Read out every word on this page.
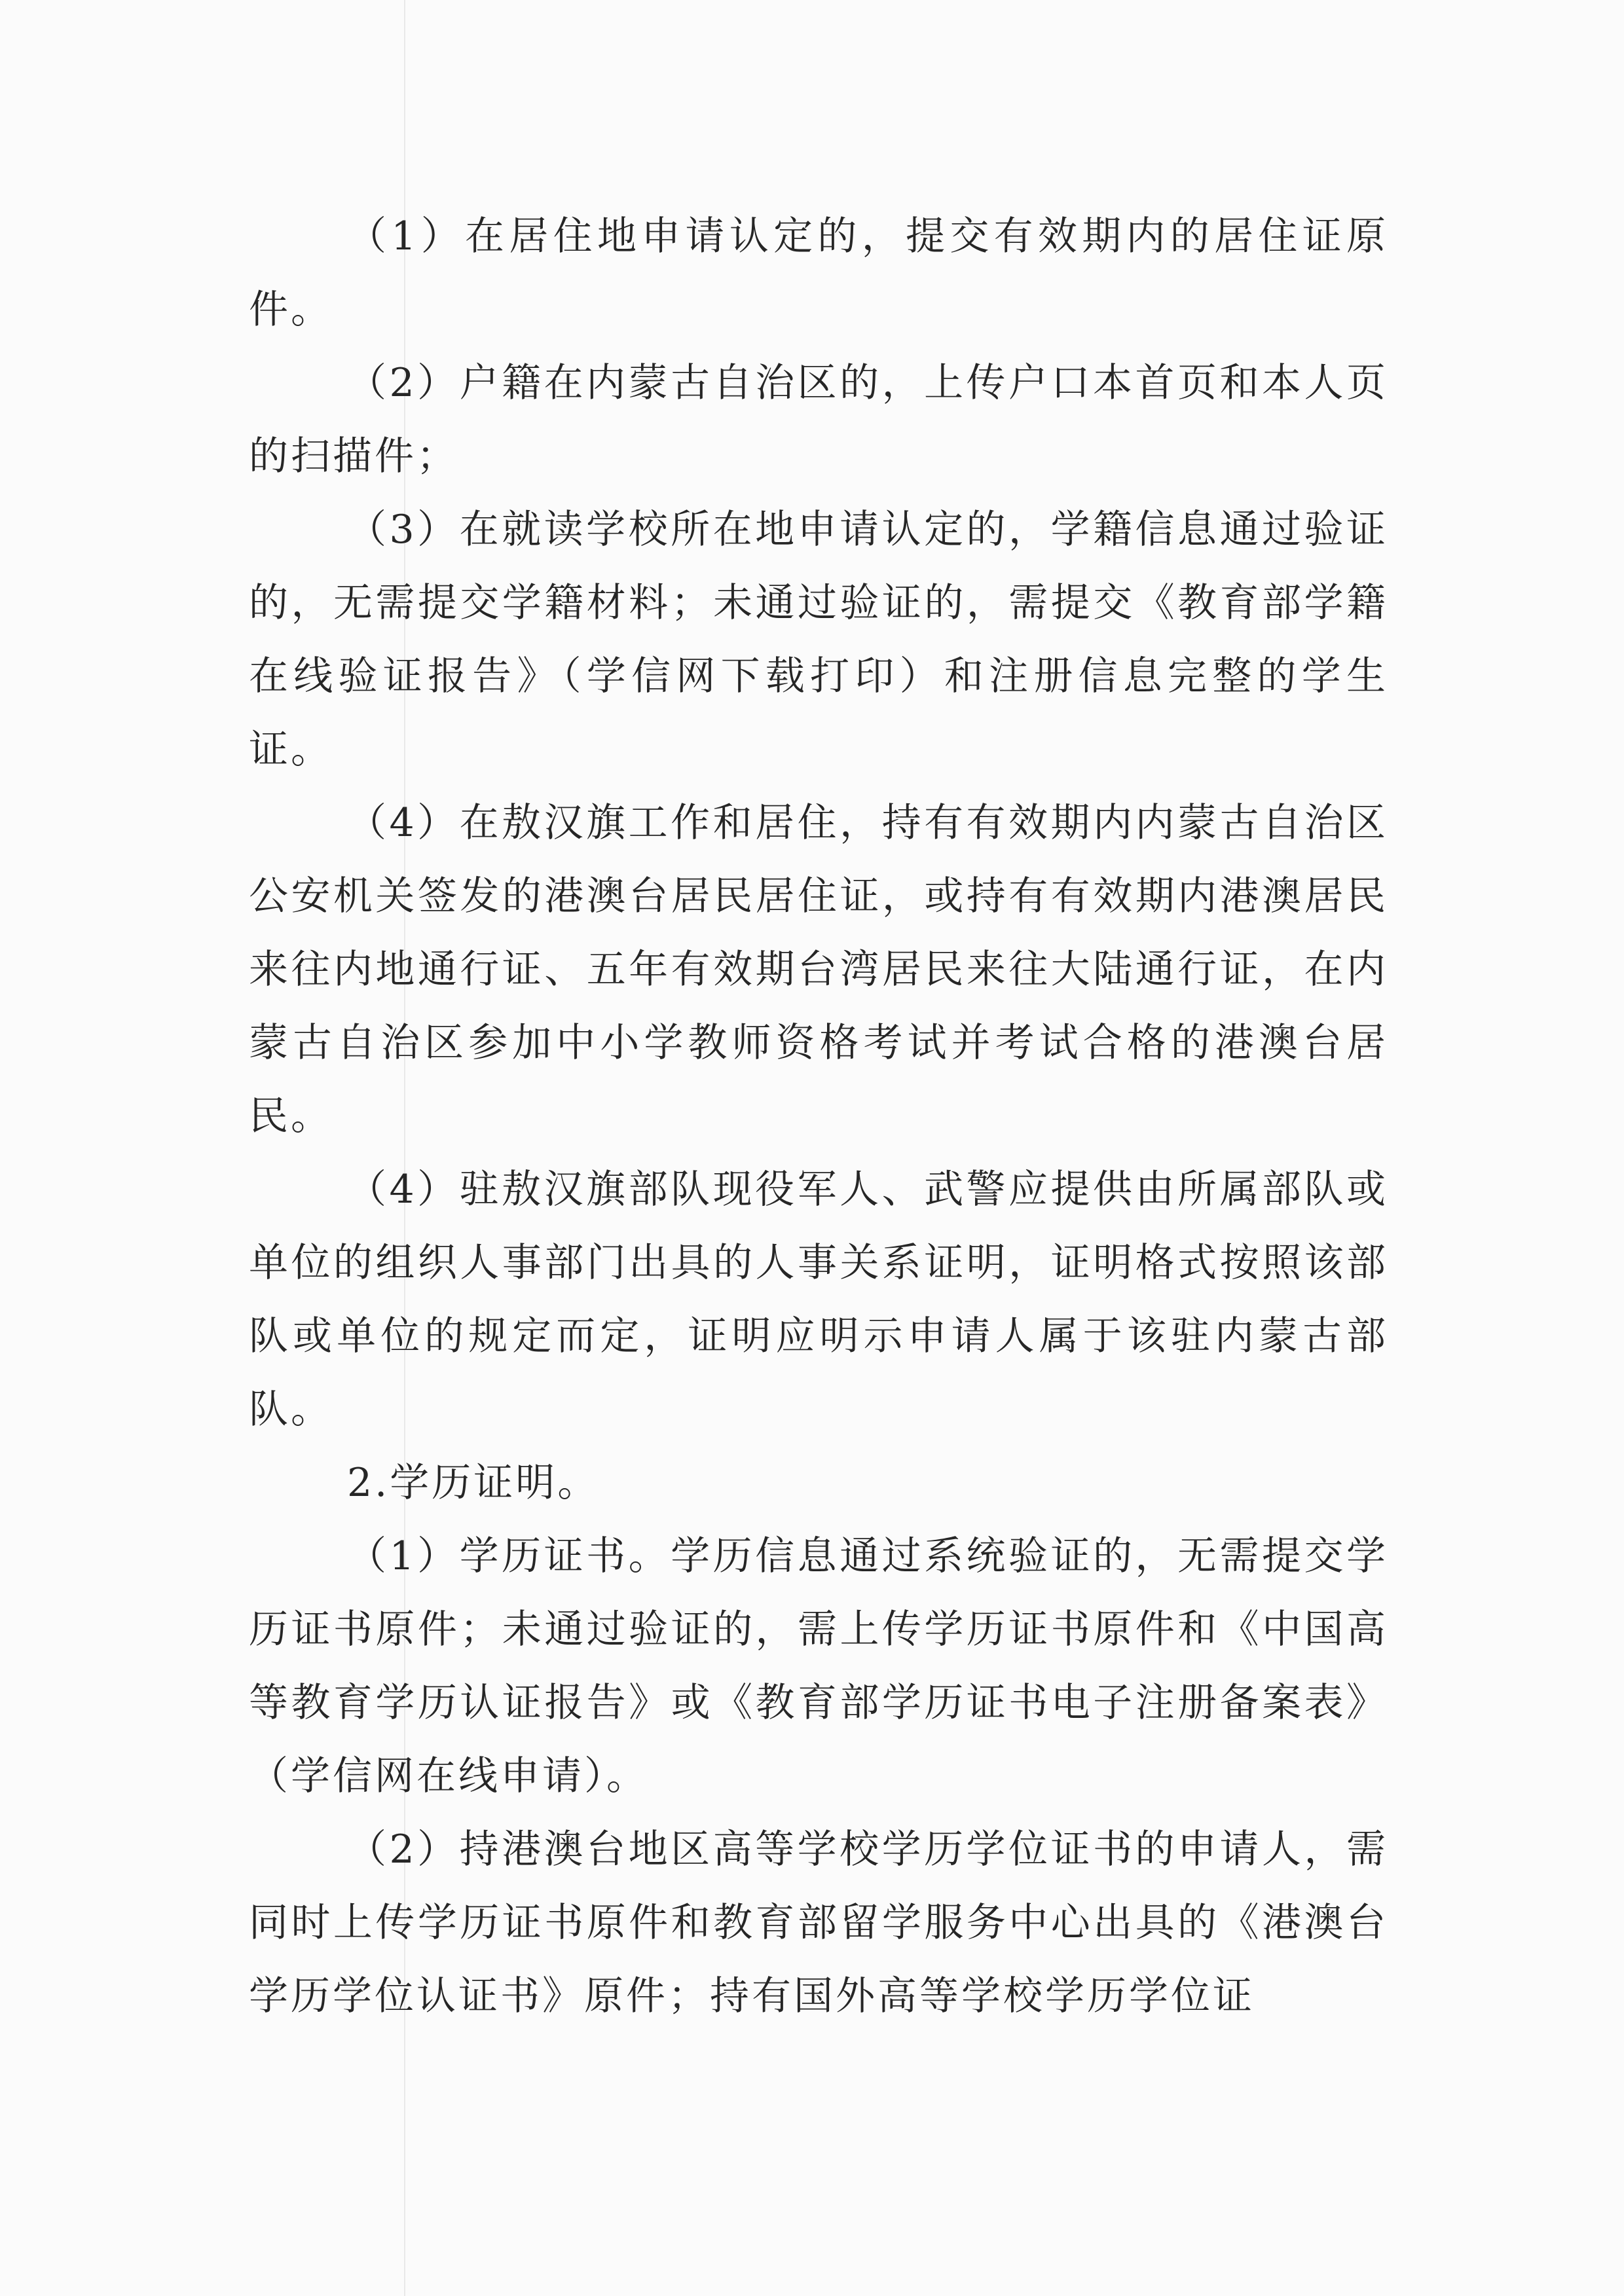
（1）在居住地申请认定的，提交有效期内的居住证原件。

（2）户籍在内蒙古自治区的，上传户口本首页和本人页的扫描件；

（3）在就读学校所在地申请认定的，学籍信息通过验证的，无需提交学籍材料；未通过验证的，需提交《教育部学籍在线验证报告》（学信网下载打印）和注册信息完整的学生证。

（4）在敖汉旗工作和居住，持有有效期内内蒙古自治区公安机关签发的港澳台居民居住证，或持有有效期内港澳居民来往内地通行证、五年有效期台湾居民来往大陆通行证，在内蒙古自治区参加中小学教师资格考试并考试合格的港澳台居民。

（4）驻敖汉旗部队现役军人、武警应提供由所属部队或单位的组织人事部门出具的人事关系证明，证明格式按照该部队或单位的规定而定，证明应明示申请人属于该驻内蒙古部队。

2.学历证明。

（1）学历证书。学历信息通过系统验证的，无需提交学历证书原件；未通过验证的，需上传学历证书原件和《中国高等教育学历认证报告》或《教育部学历证书电子注册备案表》（学信网在线申请）。

（2）持港澳台地区高等学校学历学位证书的申请人，需同时上传学历证书原件和教育部留学服务中心出具的《港澳台学历学位认证书》原件；持有国外高等学校学历学位证
